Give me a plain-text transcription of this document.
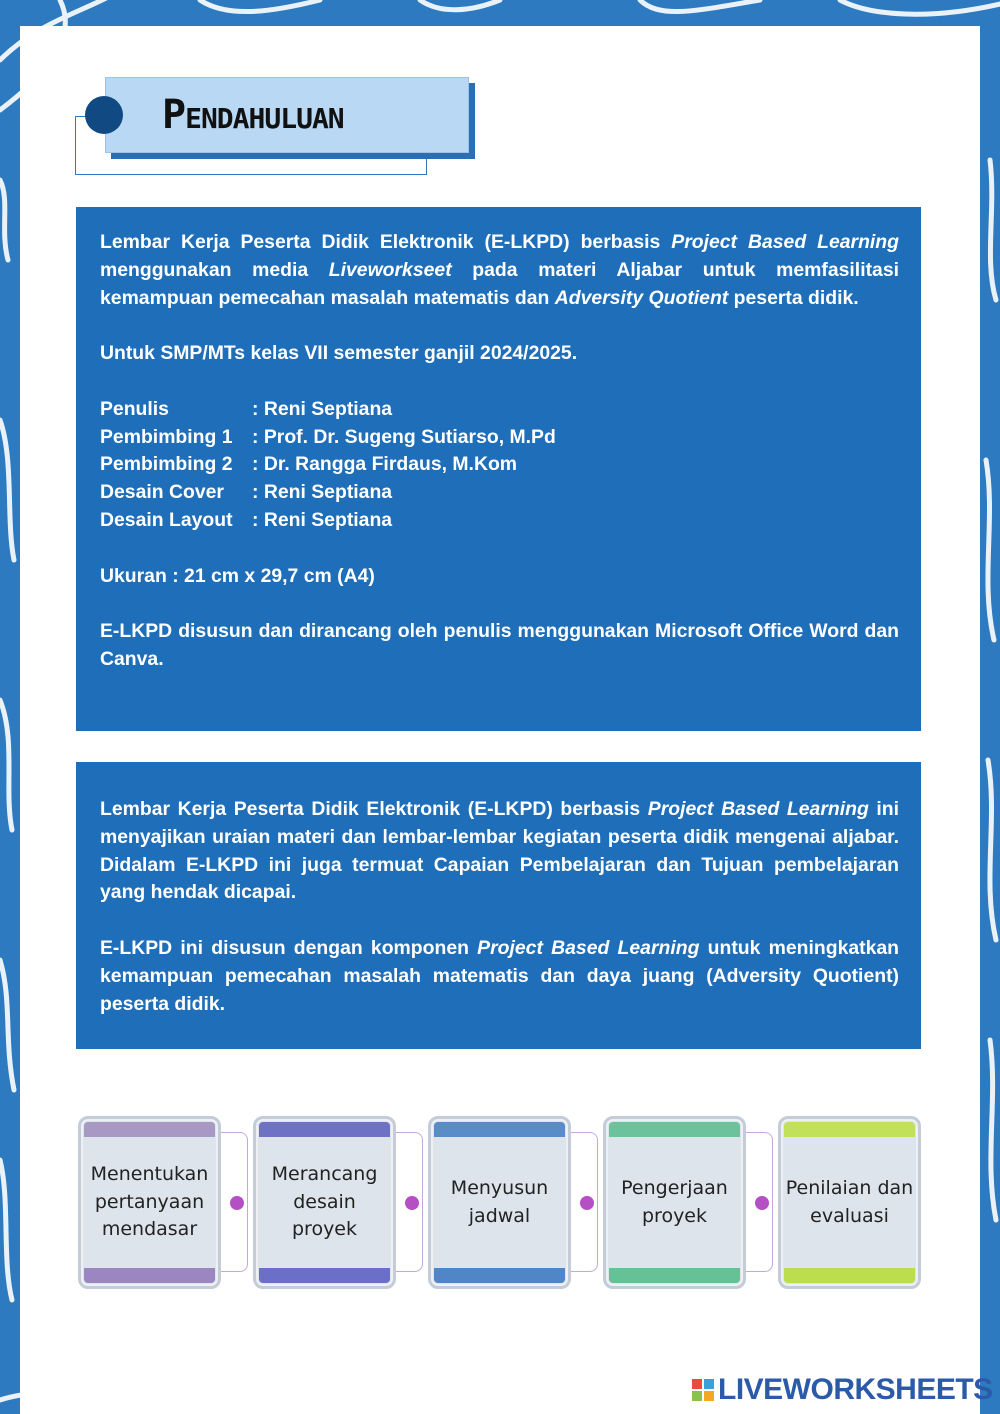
Pendahuluan

Lembar Kerja Peserta Didik Elektronik (E-LKPD) berbasis Project Based Learning menggunakan media Liveworkseet pada materi Aljabar untuk memfasilitasi kemampuan pemecahan masalah matematis dan Adversity Quotient peserta didik.

Untuk SMP/MTs kelas VII semester ganjil 2024/2025.

Penulis	: Reni Septiana
Pembimbing 1	: Prof. Dr. Sugeng Sutiarso, M.Pd
Pembimbing 2	: Dr. Rangga Firdaus, M.Kom
Desain Cover	: Reni Septiana
Desain Layout	: Reni Septiana

Ukuran : 21 cm x 29,7 cm (A4)

E-LKPD disusun dan dirancang oleh penulis menggunakan Microsoft Office Word dan Canva.

Lembar Kerja Peserta Didik Elektronik (E-LKPD) berbasis Project Based Learning ini menyajikan uraian materi dan lembar-lembar kegiatan peserta didik mengenai aljabar. Didalam E-LKPD ini juga termuat Capaian Pembelajaran dan Tujuan pembelajaran yang hendak dicapai.

E-LKPD ini disusun dengan komponen Project Based Learning untuk meningkatkan kemampuan pemecahan masalah matematis dan daya juang (Adversity Quotient) peserta didik.

Menentukan pertanyaan mendasar
Merancang desain proyek
Menyusun jadwal
Pengerjaan proyek
Penilaian dan evaluasi
LIVEWORKSHEETS
